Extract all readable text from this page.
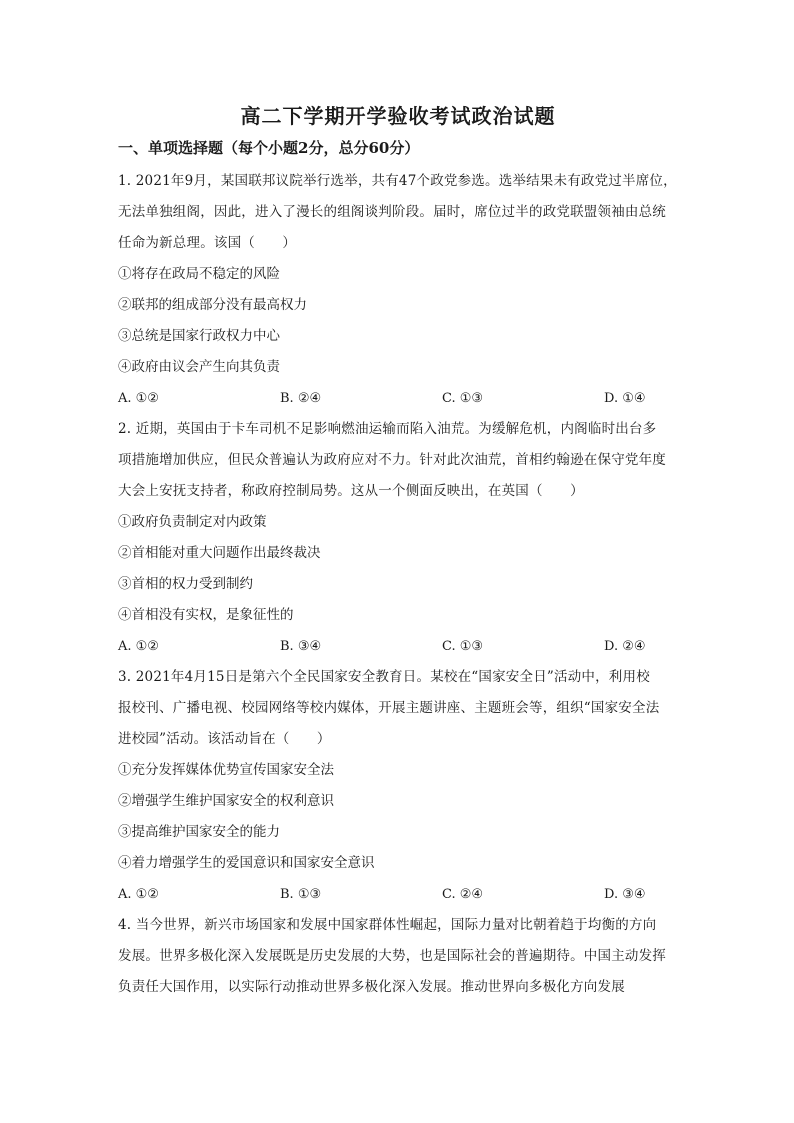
高二下学期开学验收考试政治试题
一、单项选择题（每个小题2分，总分60分）

1. 2021年9月，某国联邦议院举行选举，共有47个政党参选。选举结果未有政党过半席位，

无法单独组阁，因此，进入了漫长的组阁谈判阶段。届时，席位过半的政党联盟领袖由总统

任命为新总理。该国（　　）

①将存在政局不稳定的风险

②联邦的组成部分没有最高权力

③总统是国家行政权力中心

④政府由议会产生向其负责

A. ①②	B. ②④	C. ①③	D. ①④

2. 近期，英国由于卡车司机不足影响燃油运输而陷入油荒。为缓解危机，内阁临时出台多

项措施增加供应，但民众普遍认为政府应对不力。针对此次油荒，首相约翰逊在保守党年度

大会上安抚支持者，称政府控制局势。这从一个侧面反映出，在英国（　　）

①政府负责制定对内政策

②首相能对重大问题作出最终裁决

③首相的权力受到制约

④首相没有实权，是象征性的

A. ①②	B. ③④	C. ①③	D. ②④

3. 2021年4月15日是第六个全民国家安全教育日。某校在“国家安全日”活动中，利用校

报校刊、广播电视、校园网络等校内媒体，开展主题讲座、主题班会等，组织“国家安全法

进校园”活动。该活动旨在（　　）

①充分发挥媒体优势宣传国家安全法

②增强学生维护国家安全的权利意识

③提高维护国家安全的能力

④着力增强学生的爱国意识和国家安全意识

A. ①②	B. ①③	C. ②④	D. ③④

4. 当今世界，新兴市场国家和发展中国家群体性崛起，国际力量对比朝着趋于均衡的方向

发展。世界多极化深入发展既是历史发展的大势，也是国际社会的普遍期待。中国主动发挥

负责任大国作用，以实际行动推动世界多极化深入发展。推动世界向多极化方向发展
